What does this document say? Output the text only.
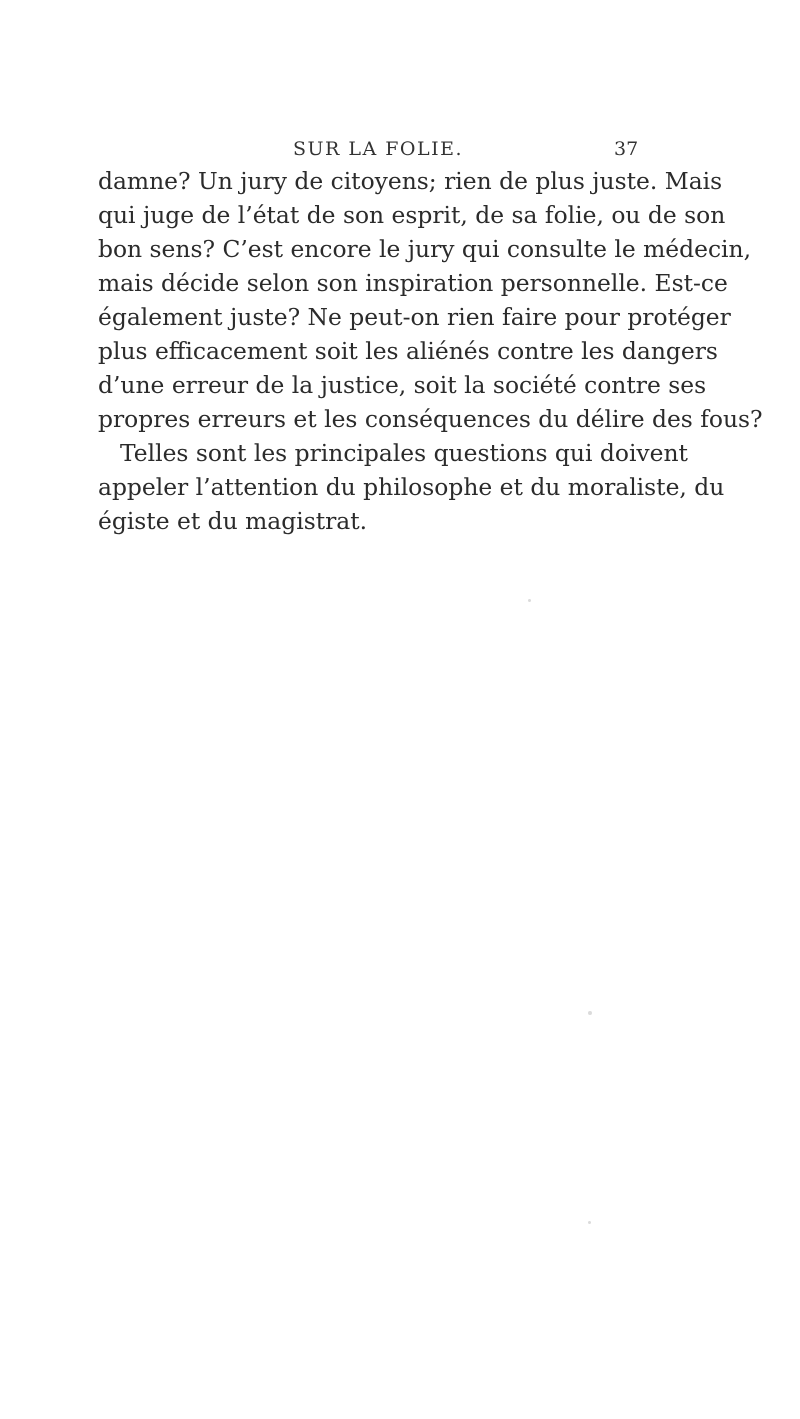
SUR LA FOLIE.	37
damne? Un jury de citoyens; rien de plus juste. Mais
qui juge de l’état de son esprit, de sa folie, ou de son
bon sens? C’est encore le jury qui consulte le médecin,
mais décide selon son inspiration personnelle. Est-ce
également juste? Ne peut-on rien faire pour protéger
plus efficacement soit les aliénés contre les dangers
d’une erreur de la justice, soit la société contre ses
propres erreurs et les conséquences du délire des fous?
Telles sont les principales questions qui doivent
appeler l’attention du philosophe et du moraliste, du
égiste et du magistrat.
